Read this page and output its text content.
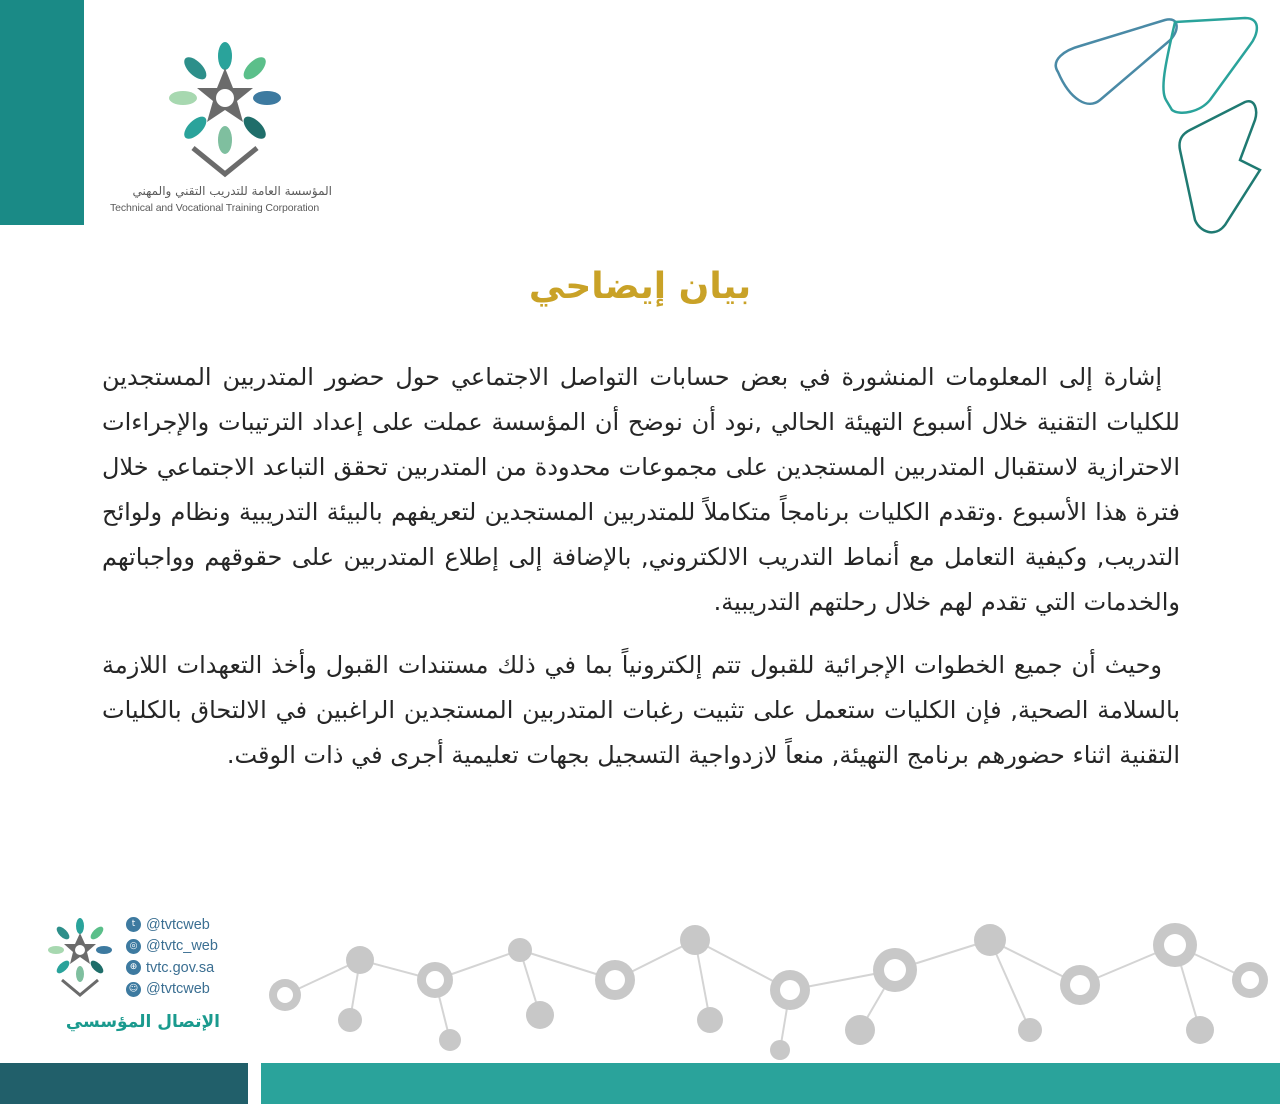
المؤسسة العامة للتدريب التقني والمهني
Technical and Vocational Training Corporation
بيان إيضاحي

إشارة إلى المعلومات المنشورة في بعض حسابات التواصل الاجتماعي حول حضور المتدربين المستجدين للكليات التقنية خلال أسبوع التهيئة الحالي ,نود أن نوضح أن المؤسسة عملت على إعداد الترتيبات والإجراءات الاحترازية لاستقبال المتدربين المستجدين على مجموعات محدودة من المتدربين تحقق التباعد الاجتماعي خلال فترة هذا الأسبوع .وتقدم الكليات برنامجاً متكاملاً للمتدربين المستجدين لتعريفهم بالبيئة التدريبية ونظام ولوائح التدريب, وكيفية التعامل مع أنماط التدريب الالكتروني, بالإضافة إلى إطلاع المتدربين على حقوقهم وواجباتهم والخدمات التي تقدم لهم خلال رحلتهم التدريبية.

وحيث أن جميع الخطوات الإجرائية للقبول تتم إلكترونياً بما في ذلك مستندات القبول وأخذ التعهدات اللازمة بالسلامة الصحية, فإن الكليات ستعمل على تثبيت رغبات المتدربين المستجدين الراغبين في الالتحاق بالكليات التقنية اثناء حضورهم برنامج التهيئة, منعاً لازدواجية التسجيل بجهات تعليمية أجرى في ذات الوقت.

t @tvtcweb
◎ @tvtc_web
⊕ tvtc.gov.sa
☺ @tvtcweb
الإتصال المؤسسي
